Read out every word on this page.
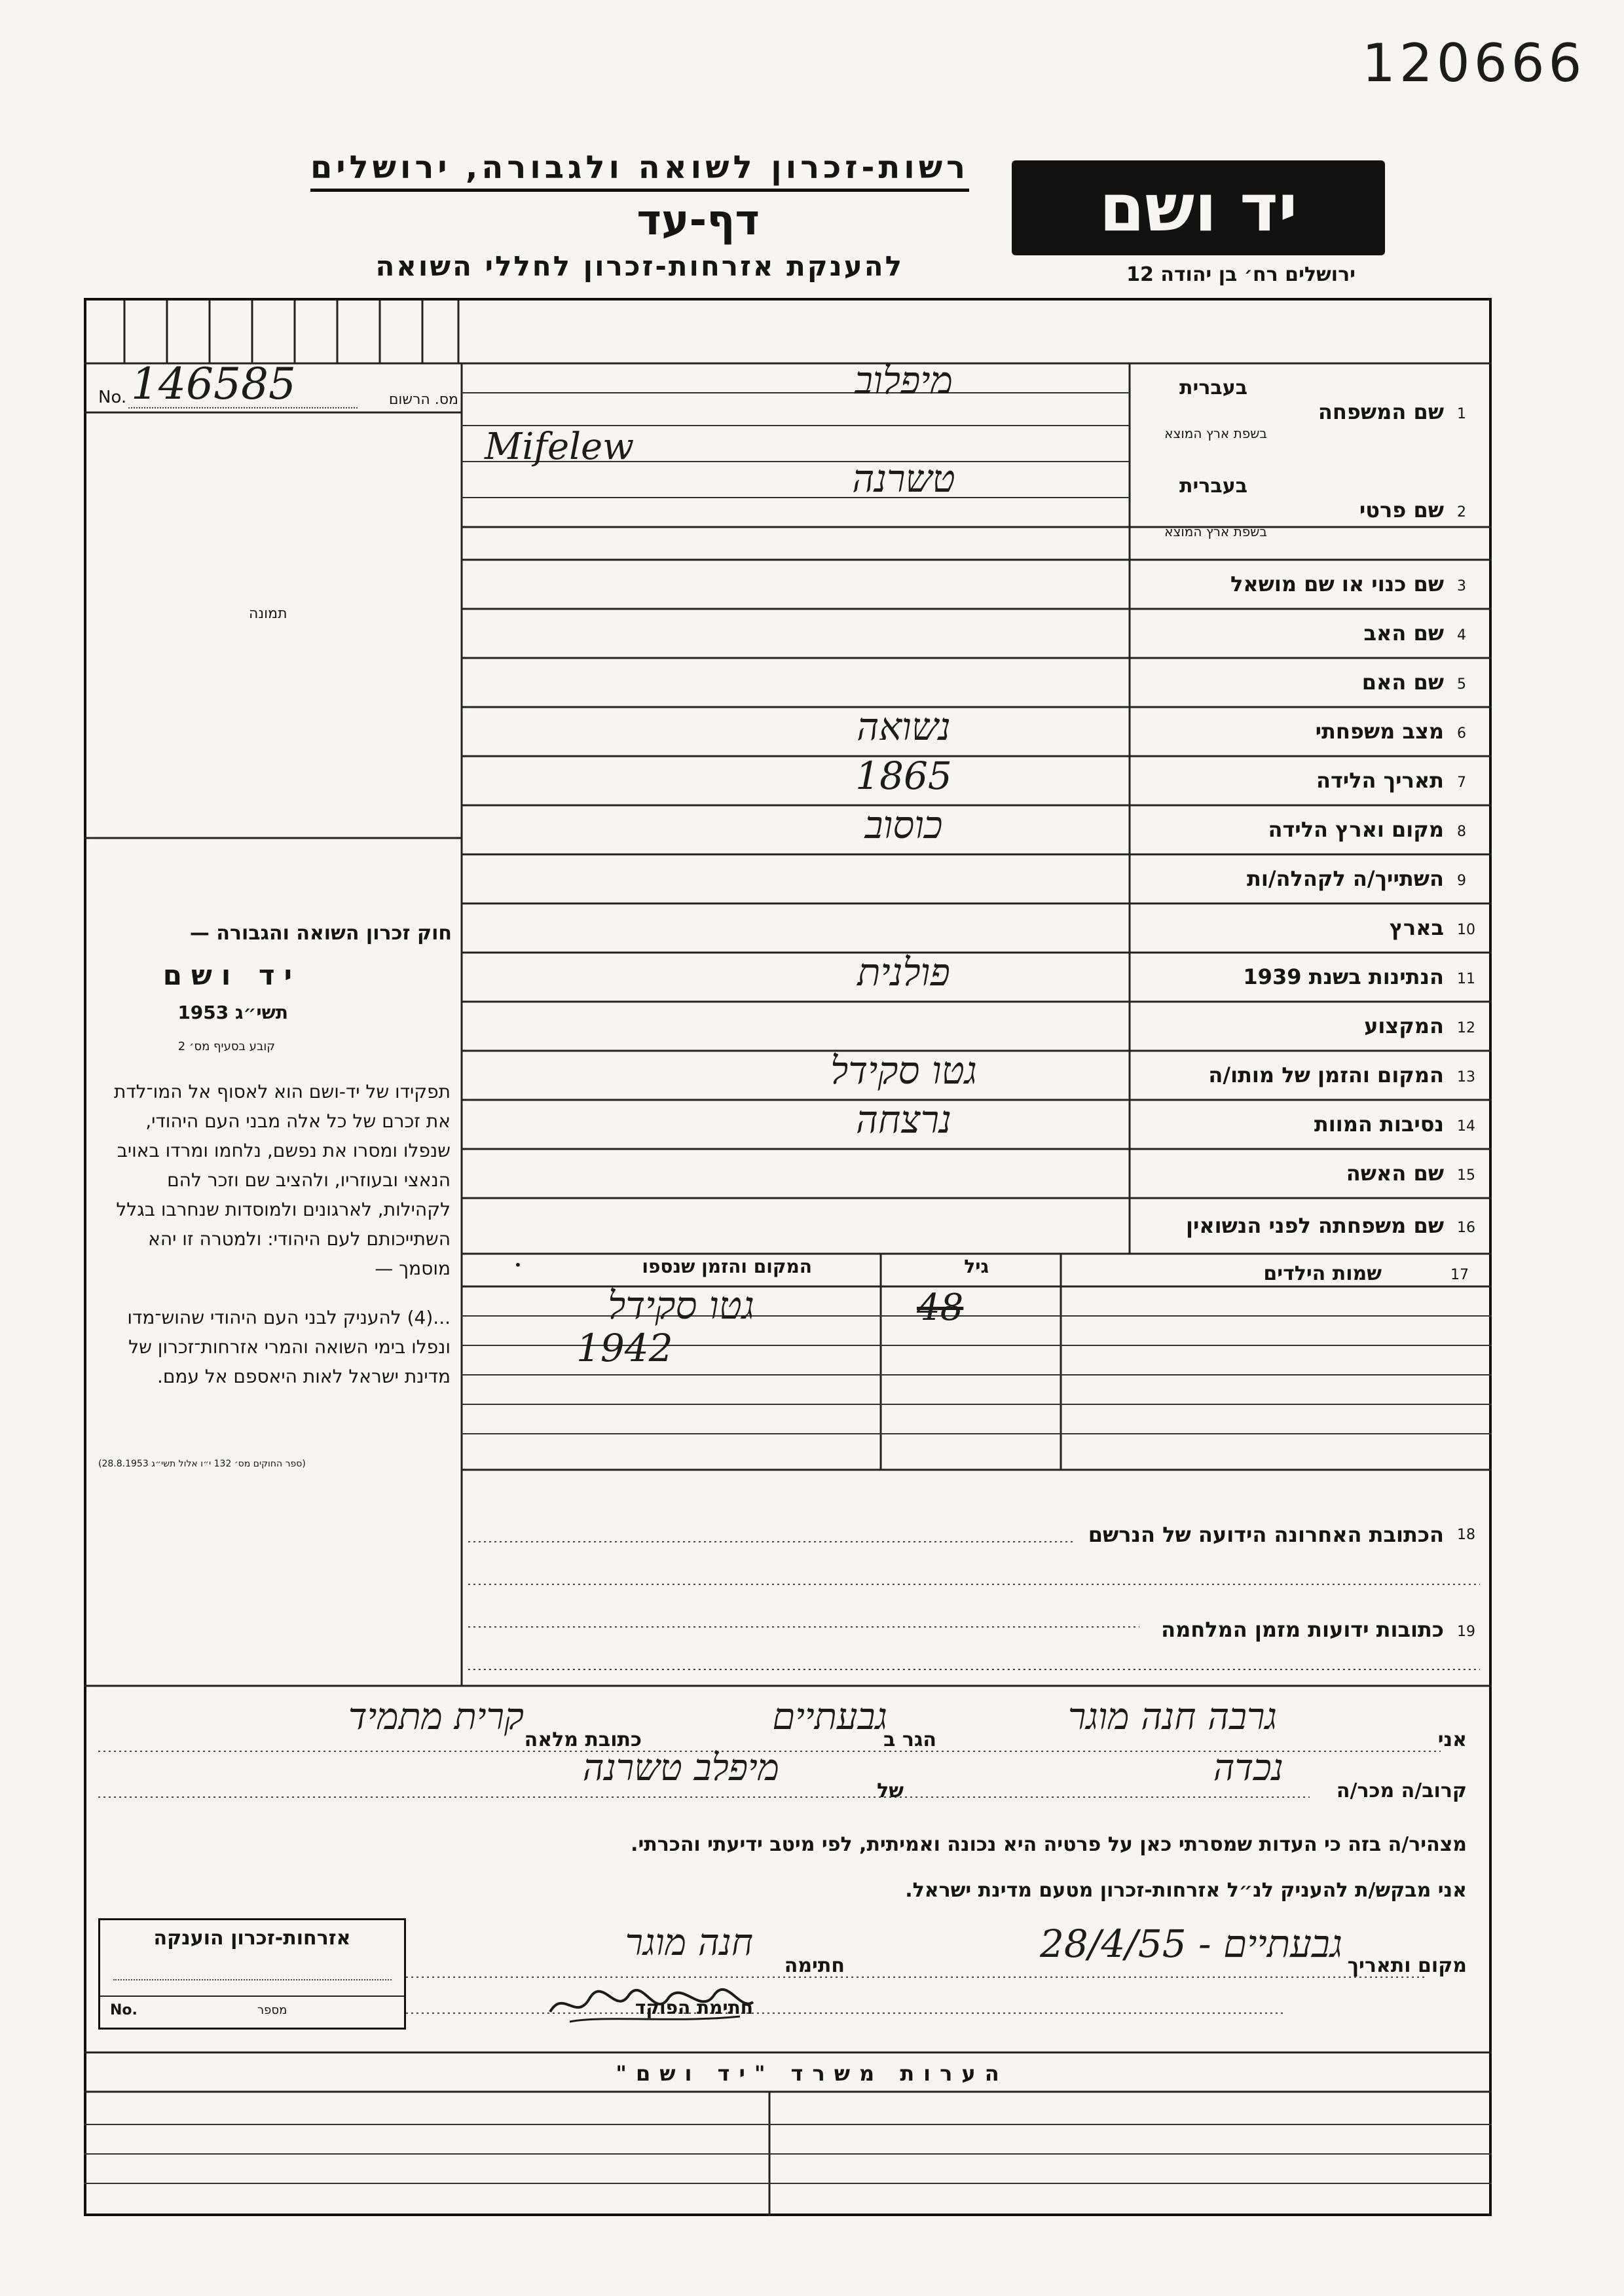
120666
רשות-זכרון לשואה ולגבורה, ירושלים
דף-עד
להענקת אזרחות-זכרון לחללי השואה
יד ושם
ירושלים רח׳ בן יהודה 12
No. 146585	מס. הרשום
תמונה
חוק זכרון השואה והגבורה —
יד ושם
תשי״ג 1953
קובע בסעיף מס׳ 2
תפקידו של יד-ושם הוא לאסוף אל המו־לדת את זכרם של כל אלה מבני העם היהודי, שנפלו ומסרו את נפשם, נלחמו ומרדו באויב הנאצי ובעוזריו, ולהציב שם וזכר להם לקהילות, לארגונים ולמוסדות שנחרבו בגלל השתייכותם לעם היהודי: ולמטרה זו יהא מוסמך —
...(4) להעניק לבני העם היהודי שהוש־מדו ונפלו בימי השואה והמרי אזרחות־זכרון של מדינת ישראל לאות היאספם אל עמם.
(ספר החוקים מס׳ 132 י״ו אלול תשי״ג 28.8.1953)
1
שם המשפחה
בעברית
בשפת ארץ המוצא
מיפלוב
Mifelew
2
שם פרטי
בעברית
בשפת ארץ המוצא
טשרנה
3
שם כנוי או שם מושאל
4
שם האב
5
שם האם
6
מצב משפחתי
נשואה
7
תאריך הלידה
1865
8
מקום וארץ הלידה
כוסוב
9
השתייך/ה לקהלה/ות
10
בארץ
11
הנתינות בשנת 1939
פולנית
12
המקצוע
13
המקום והזמן של מותו/ה
גטו סקידל
14
נסיבות המוות
נרצחה
15
שם האשה
16
שם משפחתה לפני הנשואין
17
שמות הילדים
גיל
המקום והזמן שנספו
•
גטו סקידל
1942
48
18
הכתובת האחרונה הידועה של הנרשם
19
כתובות ידועות מזמן המלחמה
אני
גרבה חנה מוגר
הגר ב
גבעתיים
כתובת מלאה
קרית מתמיד
קרוב/ה מכר/ה
נכדה
של
מיפלב טשרנה
מצהיר/ה בזה כי העדות שמסרתי כאן על פרטיה היא נכונה ואמיתית, לפי מיטב ידיעתי והכרתי.
אני מבקש/ת להעניק לנ״ל אזרחות-זכרון מטעם מדינת ישראל.
מקום ותאריך
גבעתיים - 28/4/55
חתימה
חנה מוגר
חתימת הפוקד
אזרחות-זכרון הוענקה
No.	מספר
הערות משרד "יד ושם"
